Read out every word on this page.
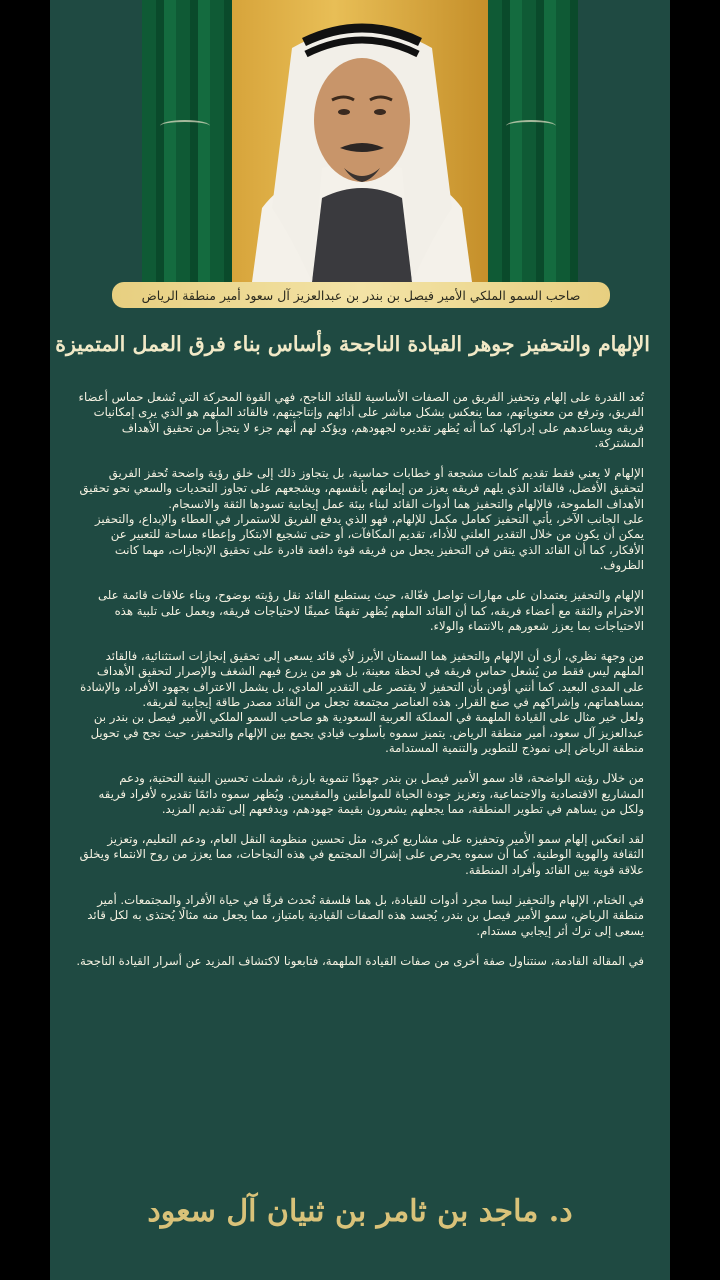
صاحب السمو الملكي الأمير فيصل بن بندر بن عبدالعزيز آل سعود أمير منطقة الرياض
الإلهام والتحفيز جوهر القيادة الناجحة وأساس بناء فرق العمل المتميزة

تُعد القدرة على إلهام وتحفيز الفريق من الصفات الأساسية للقائد الناجح، فهي القوة المحركة التي تُشعل حماس أعضاء الفريق، وترفع من معنوياتهم، مما ينعكس بشكل مباشر على أدائهم وإنتاجيتهم، فالقائد الملهم هو الذي يرى إمكانيات فريقه ويساعدهم على إدراكها، كما أنه يُظهر تقديره لجهودهم، ويؤكد لهم أنهم جزء لا يتجزأ من تحقيق الأهداف المشتركة.

الإلهام لا يعني فقط تقديم كلمات مشجعة أو خطابات حماسية، بل يتجاوز ذلك إلى خلق رؤية واضحة تُحفز الفريق لتحقيق الأفضل، فالقائد الذي يلهم فريقه يعزز من إيمانهم بأنفسهم، ويشجعهم على تجاوز التحديات والسعي نحو تحقيق الأهداف الطموحة، فالإلهام والتحفيز هما أدوات القائد لبناء بيئة عمل إيجابية تسودها الثقة والانسجام.

على الجانب الآخر، يأتي التحفيز كعامل مكمل للإلهام، فهو الذي يدفع الفريق للاستمرار في العطاء والإبداع، والتحفيز يمكن أن يكون من خلال التقدير العلني للأداء، تقديم المكافآت، أو حتى تشجيع الابتكار وإعطاء مساحة للتعبير عن الأفكار، كما أن القائد الذي يتقن فن التحفيز يجعل من فريقه قوة دافعة قادرة على تحقيق الإنجازات، مهما كانت الظروف.

الإلهام والتحفيز يعتمدان على مهارات تواصل فعّالة، حيث يستطيع القائد نقل رؤيته بوضوح، وبناء علاقات قائمة على الاحترام والثقة مع أعضاء فريقه، كما أن القائد الملهم يُظهر تفهمًا عميقًا لاحتياجات فريقه، ويعمل على تلبية هذه الاحتياجات بما يعزز شعورهم بالانتماء والولاء.

من وجهة نظري، أرى أن الإلهام والتحفيز هما السمتان الأبرز لأي قائد يسعى إلى تحقيق إنجازات استثنائية، فالقائد الملهم ليس فقط من يُشعل حماس فريقه في لحظة معينة، بل هو من يزرع فيهم الشغف والإصرار لتحقيق الأهداف على المدى البعيد. كما أنني أؤمن بأن التحفيز لا يقتصر على التقدير المادي، بل يشمل الاعتراف بجهود الأفراد، والإشادة بمساهماتهم، وإشراكهم في صنع القرار. هذه العناصر مجتمعة تجعل من القائد مصدر طاقة إيجابية لفريقه.

ولعل خير مثال على القيادة الملهمة في المملكة العربية السعودية هو صاحب السمو الملكي الأمير فيصل بن بندر بن عبدالعزيز آل سعود، أمير منطقة الرياض. يتميز سموه بأسلوب قيادي يجمع بين الإلهام والتحفيز، حيث نجح في تحويل منطقة الرياض إلى نموذج للتطوير والتنمية المستدامة.

من خلال رؤيته الواضحة، قاد سمو الأمير فيصل بن بندر جهودًا تنموية بارزة، شملت تحسين البنية التحتية، ودعم المشاريع الاقتصادية والاجتماعية، وتعزيز جودة الحياة للمواطنين والمقيمين. ويُظهر سموه دائمًا تقديره لأفراد فريقه ولكل من يساهم في تطوير المنطقة، مما يجعلهم يشعرون بقيمة جهودهم، ويدفعهم إلى تقديم المزيد.

لقد انعكس إلهام سمو الأمير وتحفيزه على مشاريع كبرى، مثل تحسين منظومة النقل العام، ودعم التعليم، وتعزيز الثقافة والهوية الوطنية. كما أن سموه يحرص على إشراك المجتمع في هذه النجاحات، مما يعزز من روح الانتماء ويخلق علاقة قوية بين القائد وأفراد المنطقة.

في الختام، الإلهام والتحفيز ليسا مجرد أدوات للقيادة، بل هما فلسفة تُحدث فرقًا في حياة الأفراد والمجتمعات. أمير منطقة الرياض، سمو الأمير فيصل بن بندر، يُجسد هذه الصفات القيادية بامتياز، مما يجعل منه مثالًا يُحتذى به لكل قائد يسعى إلى ترك أثر إيجابي مستدام.

في المقالة القادمة، سنتناول صفة أخرى من صفات القيادة الملهمة، فتابعونا لاكتشاف المزيد عن أسرار القيادة الناجحة.

د. ماجد بن ثامر بن ثنيان آل سعود
